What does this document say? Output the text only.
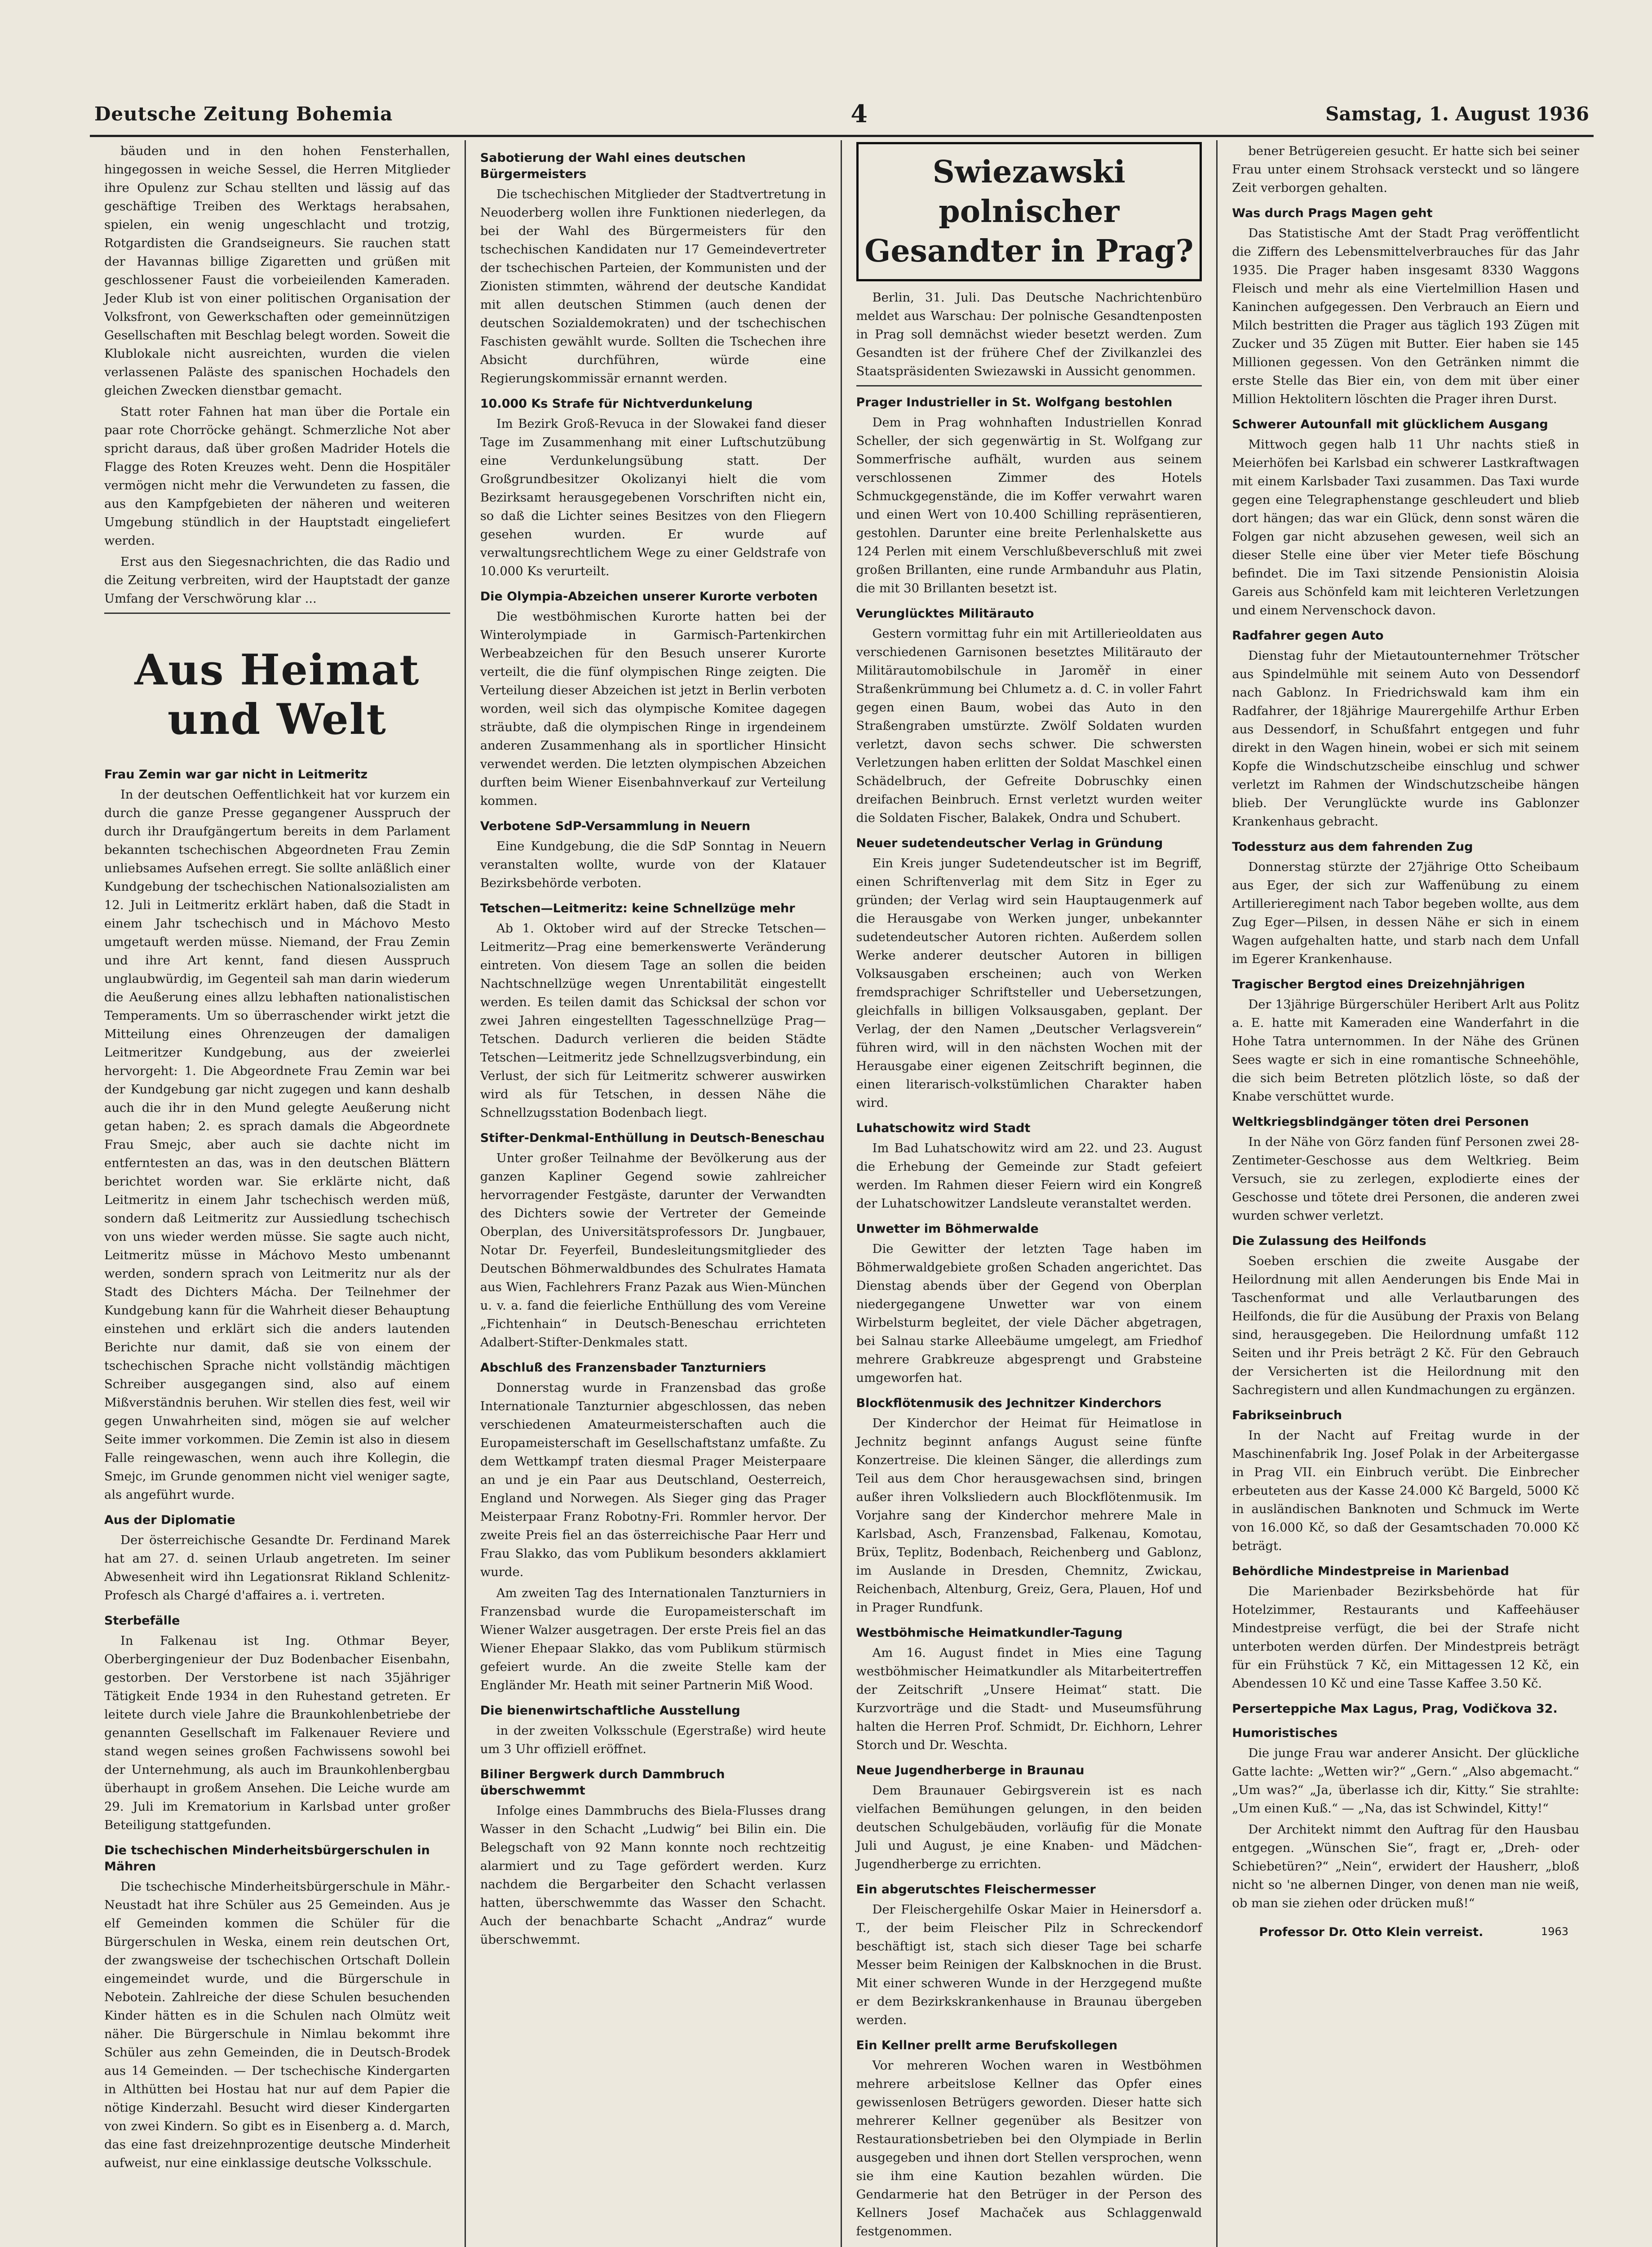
Deutsche Zeitung Bohemia	4	Samstag, 1. August 1936

bäuden und in den hohen Fensterhallen, hingegossen in weiche Sessel, die Herren Mitglieder ihre Opulenz zur Schau stellten und lässig auf das geschäftige Treiben des Werktags herabsahen, spielen, ein wenig ungeschlacht und trotzig, Rotgardisten die Grandseigneurs. Sie rauchen statt der Havannas billige Zigaretten und grüßen mit geschlossener Faust die vorbeieilenden Kameraden. Jeder Klub ist von einer politischen Organisation der Volksfront, von Gewerkschaften oder gemeinnützigen Gesellschaften mit Beschlag belegt worden. Soweit die Klublokale nicht ausreichten, wurden die vielen verlassenen Paläste des spanischen Hochadels den gleichen Zwecken dienstbar gemacht.

Statt roter Fahnen hat man über die Portale ein paar rote Chorröcke gehängt. Schmerzliche Not aber spricht daraus, daß über großen Madrider Hotels die Flagge des Roten Kreuzes weht. Denn die Hospitäler vermögen nicht mehr die Verwundeten zu fassen, die aus den Kampfgebieten der näheren und weiteren Umgebung stündlich in der Hauptstadt eingeliefert werden.

Erst aus den Siegesnachrichten, die das Radio und die Zeitung verbreiten, wird der Hauptstadt der ganze Umfang der Verschwörung klar ...

Aus Heimat und Welt
Frau Zemin war gar nicht in Leitmeritz

In der deutschen Oeffentlichkeit hat vor kurzem ein durch die ganze Presse gegangener Ausspruch der durch ihr Draufgängertum bereits in dem Parlament bekannten tschechischen Abgeordneten Frau Zemin unliebsames Aufsehen erregt. Sie sollte anläßlich einer Kundgebung der tschechischen Nationalsozialisten am 12. Juli in Leitmeritz erklärt haben, daß die Stadt in einem Jahr tschechisch und in Máchovo Mesto umgetauft werden müsse. Niemand, der Frau Zemin und ihre Art kennt, fand diesen Ausspruch unglaubwürdig, im Gegenteil sah man darin wiederum die Aeußerung eines allzu lebhaften nationalistischen Temperaments. Um so überraschender wirkt jetzt die Mitteilung eines Ohrenzeugen der damaligen Leitmeritzer Kundgebung, aus der zweierlei hervorgeht: 1. Die Abgeordnete Frau Zemin war bei der Kundgebung gar nicht zugegen und kann deshalb auch die ihr in den Mund gelegte Aeußerung nicht getan haben; 2. es sprach damals die Abgeordnete Frau Smejc, aber auch sie dachte nicht im entferntesten an das, was in den deutschen Blättern berichtet worden war. Sie erklärte nicht, daß Leitmeritz in einem Jahr tschechisch werden müß, sondern daß Leitmeritz zur Aussiedlung tschechisch von uns wieder werden müsse. Sie sagte auch nicht, Leitmeritz müsse in Máchovo Mesto umbenannt werden, sondern sprach von Leitmeritz nur als der Stadt des Dichters Mácha. Der Teilnehmer der Kundgebung kann für die Wahrheit dieser Behauptung einstehen und erklärt sich die anders lautenden Berichte nur damit, daß sie von einem der tschechischen Sprache nicht vollständig mächtigen Schreiber ausgegangen sind, also auf einem Mißverständnis beruhen. Wir stellen dies fest, weil wir gegen Unwahrheiten sind, mögen sie auf welcher Seite immer vorkommen. Die Zemin ist also in diesem Falle reingewaschen, wenn auch ihre Kollegin, die Smejc, im Grunde genommen nicht viel weniger sagte, als angeführt wurde.

Aus der Diplomatie

Der österreichische Gesandte Dr. Ferdinand Marek hat am 27. d. seinen Urlaub angetreten. Im seiner Abwesenheit wird ihn Legationsrat Rikland Schlenitz-Profesch als Chargé d'affaires a. i. vertreten.

Sterbefälle

In Falkenau ist Ing. Othmar Beyer, Oberbergingenieur der Duz Bodenbacher Eisenbahn, gestorben. Der Verstorbene ist nach 35jähriger Tätigkeit Ende 1934 in den Ruhestand getreten. Er leitete durch viele Jahre die Braunkohlenbetriebe der genannten Gesellschaft im Falkenauer Reviere und stand wegen seines großen Fachwissens sowohl bei der Unternehmung, als auch im Braunkohlenbergbau überhaupt in großem Ansehen. Die Leiche wurde am 29. Juli im Krematorium in Karlsbad unter großer Beteiligung stattgefunden.

Die tschechischen Minderheitsbürgerschulen in Mähren

Die tschechische Minderheitsbürgerschule in Mähr.-Neustadt hat ihre Schüler aus 25 Gemeinden. Aus je elf Gemeinden kommen die Schüler für die Bürgerschulen in Weska, einem rein deutschen Ort, der zwangsweise der tschechischen Ortschaft Dollein eingemeindet wurde, und die Bürgerschule in Nebotein. Zahlreiche der diese Schulen besuchenden Kinder hätten es in die Schulen nach Olmütz weit näher. Die Bürgerschule in Nimlau bekommt ihre Schüler aus zehn Gemeinden, die in Deutsch-Brodek aus 14 Gemeinden. — Der tschechische Kindergarten in Althütten bei Hostau hat nur auf dem Papier die nötige Kinderzahl. Besucht wird dieser Kindergarten von zwei Kindern. So gibt es in Eisenberg a. d. March, das eine fast dreizehnprozentige deutsche Minderheit aufweist, nur eine einklassige deutsche Volksschule.

Sabotierung der Wahl eines deutschen Bürgermeisters

Die tschechischen Mitglieder der Stadtvertretung in Neuoderberg wollen ihre Funktionen niederlegen, da bei der Wahl des Bürgermeisters für den tschechischen Kandidaten nur 17 Gemeindevertreter der tschechischen Parteien, der Kommunisten und der Zionisten stimmten, während der deutsche Kandidat mit allen deutschen Stimmen (auch denen der deutschen Sozialdemokraten) und der tschechischen Faschisten gewählt wurde. Sollten die Tschechen ihre Absicht durchführen, würde eine Regierungskommissär ernannt werden.

10.000 Ks Strafe für Nichtverdunkelung

Im Bezirk Groß-Revuca in der Slowakei fand dieser Tage im Zusammenhang mit einer Luftschutzübung eine Verdunkelungsübung statt. Der Großgrundbesitzer Okolizanyi hielt die vom Bezirksamt herausgegebenen Vorschriften nicht ein, so daß die Lichter seines Besitzes von den Fliegern gesehen wurden. Er wurde auf verwaltungsrechtlichem Wege zu einer Geldstrafe von 10.000 Ks verurteilt.

Die Olympia-Abzeichen unserer Kurorte verboten

Die westböhmischen Kurorte hatten bei der Winterolympiade in Garmisch-Partenkirchen Werbeabzeichen für den Besuch unserer Kurorte verteilt, die die fünf olympischen Ringe zeigten. Die Verteilung dieser Abzeichen ist jetzt in Berlin verboten worden, weil sich das olympische Komitee dagegen sträubte, daß die olympischen Ringe in irgendeinem anderen Zusammenhang als in sportlicher Hinsicht verwendet werden. Die letzten olympischen Abzeichen durften beim Wiener Eisenbahnverkauf zur Verteilung kommen.

Verbotene SdP-Versammlung in Neuern

Eine Kundgebung, die die SdP Sonntag in Neuern veranstalten wollte, wurde von der Klatauer Bezirksbehörde verboten.

Tetschen—Leitmeritz: keine Schnellzüge mehr

Ab 1. Oktober wird auf der Strecke Tetschen—Leitmeritz—Prag eine bemerkenswerte Veränderung eintreten. Von diesem Tage an sollen die beiden Nachtschnellzüge wegen Unrentabilität eingestellt werden. Es teilen damit das Schicksal der schon vor zwei Jahren eingestellten Tagesschnellzüge Prag—Tetschen. Dadurch verlieren die beiden Städte Tetschen—Leitmeritz jede Schnellzugsverbindung, ein Verlust, der sich für Leitmeritz schwerer auswirken wird als für Tetschen, in dessen Nähe die Schnellzugsstation Bodenbach liegt.

Stifter-Denkmal-Enthüllung in Deutsch-Beneschau

Unter großer Teilnahme der Bevölkerung aus der ganzen Kapliner Gegend sowie zahlreicher hervorragender Festgäste, darunter der Verwandten des Dichters sowie der Vertreter der Gemeinde Oberplan, des Universitätsprofessors Dr. Jungbauer, Notar Dr. Feyerfeil, Bundesleitungsmitglieder des Deutschen Böhmerwaldbundes des Schulrates Hamata aus Wien, Fachlehrers Franz Pazak aus Wien-München u. v. a. fand die feierliche Enthüllung des vom Vereine „Fichtenhain“ in Deutsch-Beneschau errichteten Adalbert-Stifter-Denkmales statt.

Abschluß des Franzensbader Tanzturniers

Donnerstag wurde in Franzensbad das große Internationale Tanzturnier abgeschlossen, das neben verschiedenen Amateurmeisterschaften auch die Europameisterschaft im Gesellschaftstanz umfaßte. Zu dem Wettkampf traten diesmal Prager Meisterpaare an und je ein Paar aus Deutschland, Oesterreich, England und Norwegen. Als Sieger ging das Prager Meisterpaar Franz Robotny-Fri. Rommler hervor. Der zweite Preis fiel an das österreichische Paar Herr und Frau Slakko, das vom Publikum besonders akklamiert wurde.

Am zweiten Tag des Internationalen Tanzturniers in Franzensbad wurde die Europameisterschaft im Wiener Walzer ausgetragen. Der erste Preis fiel an das Wiener Ehepaar Slakko, das vom Publikum stürmisch gefeiert wurde. An die zweite Stelle kam der Engländer Mr. Heath mit seiner Partnerin Miß Wood.

Die bienenwirtschaftliche Ausstellung

in der zweiten Volksschule (Egerstraße) wird heute um 3 Uhr offiziell eröffnet.

Biliner Bergwerk durch Dammbruch überschwemmt

Infolge eines Dammbruchs des Biela-Flusses drang Wasser in den Schacht „Ludwig“ bei Bilin ein. Die Belegschaft von 92 Mann konnte noch rechtzeitig alarmiert und zu Tage gefördert werden. Kurz nachdem die Bergarbeiter den Schacht verlassen hatten, überschwemmte das Wasser den Schacht. Auch der benachbarte Schacht „Andraz“ wurde überschwemmt.

Swiezawski polnischer Gesandter in Prag?

Berlin, 31. Juli. Das Deutsche Nachrichtenbüro meldet aus Warschau: Der polnische Gesandtenposten in Prag soll demnächst wieder besetzt werden. Zum Gesandten ist der frühere Chef der Zivilkanzlei des Staatspräsidenten Swiezawski in Aussicht genommen.

Prager Industrieller in St. Wolfgang bestohlen

Dem in Prag wohnhaften Industriellen Konrad Scheller, der sich gegenwärtig in St. Wolfgang zur Sommerfrische aufhält, wurden aus seinem verschlossenen Zimmer des Hotels Schmuckgegenstände, die im Koffer verwahrt waren und einen Wert von 10.400 Schilling repräsentieren, gestohlen. Darunter eine breite Perlenhalskette aus 124 Perlen mit einem Verschlußbeverschluß mit zwei großen Brillanten, eine runde Armbanduhr aus Platin, die mit 30 Brillanten besetzt ist.

Verunglücktes Militärauto

Gestern vormittag fuhr ein mit Artillerieoldaten aus verschiedenen Garnisonen besetztes Militärauto der Militärautomobilschule in Jaroměř in einer Straßenkrümmung bei Chlumetz a. d. C. in voller Fahrt gegen einen Baum, wobei das Auto in den Straßengraben umstürzte. Zwölf Soldaten wurden verletzt, davon sechs schwer. Die schwersten Verletzungen haben erlitten der Soldat Maschkel einen Schädelbruch, der Gefreite Dobruschky einen dreifachen Beinbruch. Ernst verletzt wurden weiter die Soldaten Fischer, Balakek, Ondra und Schubert.

Neuer sudetendeutscher Verlag in Gründung

Ein Kreis junger Sudetendeutscher ist im Begriff, einen Schriftenverlag mit dem Sitz in Eger zu gründen; der Verlag wird sein Hauptaugenmerk auf die Herausgabe von Werken junger, unbekannter sudetendeutscher Autoren richten. Außerdem sollen Werke anderer deutscher Autoren in billigen Volksausgaben erscheinen; auch von Werken fremdsprachiger Schriftsteller und Uebersetzungen, gleichfalls in billigen Volksausgaben, geplant. Der Verlag, der den Namen „Deutscher Verlagsverein“ führen wird, will in den nächsten Wochen mit der Herausgabe einer eigenen Zeitschrift beginnen, die einen literarisch-volkstümlichen Charakter haben wird.

Luhatschowitz wird Stadt

Im Bad Luhatschowitz wird am 22. und 23. August die Erhebung der Gemeinde zur Stadt gefeiert werden. Im Rahmen dieser Feiern wird ein Kongreß der Luhatschowitzer Landsleute veranstaltet werden.

Unwetter im Böhmerwalde

Die Gewitter der letzten Tage haben im Böhmerwaldgebiete großen Schaden angerichtet. Das Dienstag abends über der Gegend von Oberplan niedergegangene Unwetter war von einem Wirbelsturm begleitet, der viele Dächer abgetragen, bei Salnau starke Alleebäume umgelegt, am Friedhof mehrere Grabkreuze abgesprengt und Grabsteine umgeworfen hat.

Blockflötenmusik des Jechnitzer Kinderchors

Der Kinderchor der Heimat für Heimatlose in Jechnitz beginnt anfangs August seine fünfte Konzertreise. Die kleinen Sänger, die allerdings zum Teil aus dem Chor herausgewachsen sind, bringen außer ihren Volksliedern auch Blockflötenmusik. Im Vorjahre sang der Kinderchor mehrere Male in Karlsbad, Asch, Franzensbad, Falkenau, Komotau, Brüx, Teplitz, Bodenbach, Reichenberg und Gablonz, im Auslande in Dresden, Chemnitz, Zwickau, Reichenbach, Altenburg, Greiz, Gera, Plauen, Hof und in Prager Rundfunk.

Westböhmische Heimatkundler-Tagung

Am 16. August findet in Mies eine Tagung westböhmischer Heimatkundler als Mitarbeitertreffen der Zeitschrift „Unsere Heimat“ statt. Die Kurzvorträge und die Stadt- und Museumsführung halten die Herren Prof. Schmidt, Dr. Eichhorn, Lehrer Storch und Dr. Weschta.

Neue Jugendherberge in Braunau

Dem Braunauer Gebirgsverein ist es nach vielfachen Bemühungen gelungen, in den beiden deutschen Schulgebäuden, vorläufig für die Monate Juli und August, je eine Knaben- und Mädchen-Jugendherberge zu errichten.

Ein abgerutschtes Fleischermesser

Der Fleischergehilfe Oskar Maier in Heinersdorf a. T., der beim Fleischer Pilz in Schreckendorf beschäftigt ist, stach sich dieser Tage bei scharfe Messer beim Reinigen der Kalbsknochen in die Brust. Mit einer schweren Wunde in der Herzgegend mußte er dem Bezirkskrankenhause in Braunau übergeben werden.

Ein Kellner prellt arme Berufskollegen

Vor mehreren Wochen waren in Westböhmen mehrere arbeitslose Kellner das Opfer eines gewissenlosen Betrügers geworden. Dieser hatte sich mehrerer Kellner gegenüber als Besitzer von Restaurationsbetrieben bei den Olympiade in Berlin ausgegeben und ihnen dort Stellen versprochen, wenn sie ihm eine Kaution bezahlen würden. Die Gendarmerie hat den Betrüger in der Person des Kellners Josef Machaček aus Schlaggenwald festgenommen.

bener Betrügereien gesucht. Er hatte sich bei seiner Frau unter einem Strohsack versteckt und so längere Zeit verborgen gehalten.

Was durch Prags Magen geht

Das Statistische Amt der Stadt Prag veröffentlicht die Ziffern des Lebensmittelverbrauches für das Jahr 1935. Die Prager haben insgesamt 8330 Waggons Fleisch und mehr als eine Viertelmillion Hasen und Kaninchen aufgegessen. Den Verbrauch an Eiern und Milch bestritten die Prager aus täglich 193 Zügen mit Zucker und 35 Zügen mit Butter. Eier haben sie 145 Millionen gegessen. Von den Getränken nimmt die erste Stelle das Bier ein, von dem mit über einer Million Hektolitern löschten die Prager ihren Durst.

Schwerer Autounfall mit glücklichem Ausgang

Mittwoch gegen halb 11 Uhr nachts stieß in Meierhöfen bei Karlsbad ein schwerer Lastkraftwagen mit einem Karlsbader Taxi zusammen. Das Taxi wurde gegen eine Telegraphenstange geschleudert und blieb dort hängen; das war ein Glück, denn sonst wären die Folgen gar nicht abzusehen gewesen, weil sich an dieser Stelle eine über vier Meter tiefe Böschung befindet. Die im Taxi sitzende Pensionistin Aloisia Gareis aus Schönfeld kam mit leichteren Verletzungen und einem Nervenschock davon.

Radfahrer gegen Auto

Dienstag fuhr der Mietautounternehmer Trötscher aus Spindelmühle mit seinem Auto von Dessendorf nach Gablonz. In Friedrichswald kam ihm ein Radfahrer, der 18jährige Maurergehilfe Arthur Erben aus Dessendorf, in Schußfahrt entgegen und fuhr direkt in den Wagen hinein, wobei er sich mit seinem Kopfe die Windschutzscheibe einschlug und schwer verletzt im Rahmen der Windschutzscheibe hängen blieb. Der Verunglückte wurde ins Gablonzer Krankenhaus gebracht.

Todessturz aus dem fahrenden Zug

Donnerstag stürzte der 27jährige Otto Scheibaum aus Eger, der sich zur Waffenübung zu einem Artillerieregiment nach Tabor begeben wollte, aus dem Zug Eger—Pilsen, in dessen Nähe er sich in einem Wagen aufgehalten hatte, und starb nach dem Unfall im Egerer Krankenhause.

Tragischer Bergtod eines Dreizehnjährigen

Der 13jährige Bürgerschüler Heribert Arlt aus Politz a. E. hatte mit Kameraden eine Wanderfahrt in die Hohe Tatra unternommen. In der Nähe des Grünen Sees wagte er sich in eine romantische Schneehöhle, die sich beim Betreten plötzlich löste, so daß der Knabe verschüttet wurde.

Weltkriegsblindgänger töten drei Personen

In der Nähe von Görz fanden fünf Personen zwei 28-Zentimeter-Geschosse aus dem Weltkrieg. Beim Versuch, sie zu zerlegen, explodierte eines der Geschosse und tötete drei Personen, die anderen zwei wurden schwer verletzt.

Die Zulassung des Heilfonds

Soeben erschien die zweite Ausgabe der Heilordnung mit allen Aenderungen bis Ende Mai in Taschenformat und alle Verlautbarungen des Heilfonds, die für die Ausübung der Praxis von Belang sind, herausgegeben. Die Heilordnung umfaßt 112 Seiten und ihr Preis beträgt 2 Kč. Für den Gebrauch der Versicherten ist die Heilordnung mit den Sachregistern und allen Kundmachungen zu ergänzen.

Fabrikseinbruch

In der Nacht auf Freitag wurde in der Maschinenfabrik Ing. Josef Polak in der Arbeitergasse in Prag VII. ein Einbruch verübt. Die Einbrecher erbeuteten aus der Kasse 24.000 Kč Bargeld, 5000 Kč in ausländischen Banknoten und Schmuck im Werte von 16.000 Kč, so daß der Gesamtschaden 70.000 Kč beträgt.

Behördliche Mindestpreise in Marienbad

Die Marienbader Bezirksbehörde hat für Hotelzimmer, Restaurants und Kaffeehäuser Mindestpreise verfügt, die bei der Strafe nicht unterboten werden dürfen. Der Mindestpreis beträgt für ein Frühstück 7 Kč, ein Mittagessen 12 Kč, ein Abendessen 10 Kč und eine Tasse Kaffee 3.50 Kč.

Perserteppiche Max Lagus, Prag, Vodičkova 32.
Humoristisches

Die junge Frau war anderer Ansicht. Der glückliche Gatte lachte: „Wetten wir?“ „Gern.“ „Also abgemacht.“ „Um was?“ „Ja, überlasse ich dir, Kitty.“ Sie strahlte: „Um einen Kuß.“ — „Na, das ist Schwindel, Kitty!“

Der Architekt nimmt den Auftrag für den Hausbau entgegen. „Wünschen Sie“, fragt er, „Dreh- oder Schiebetüren?“ „Nein“, erwidert der Hausherr, „bloß nicht so 'ne albernen Dinger, von denen man nie weiß, ob man sie ziehen oder drücken muß!“

Professor Dr. Otto Klein verreist.	1963
